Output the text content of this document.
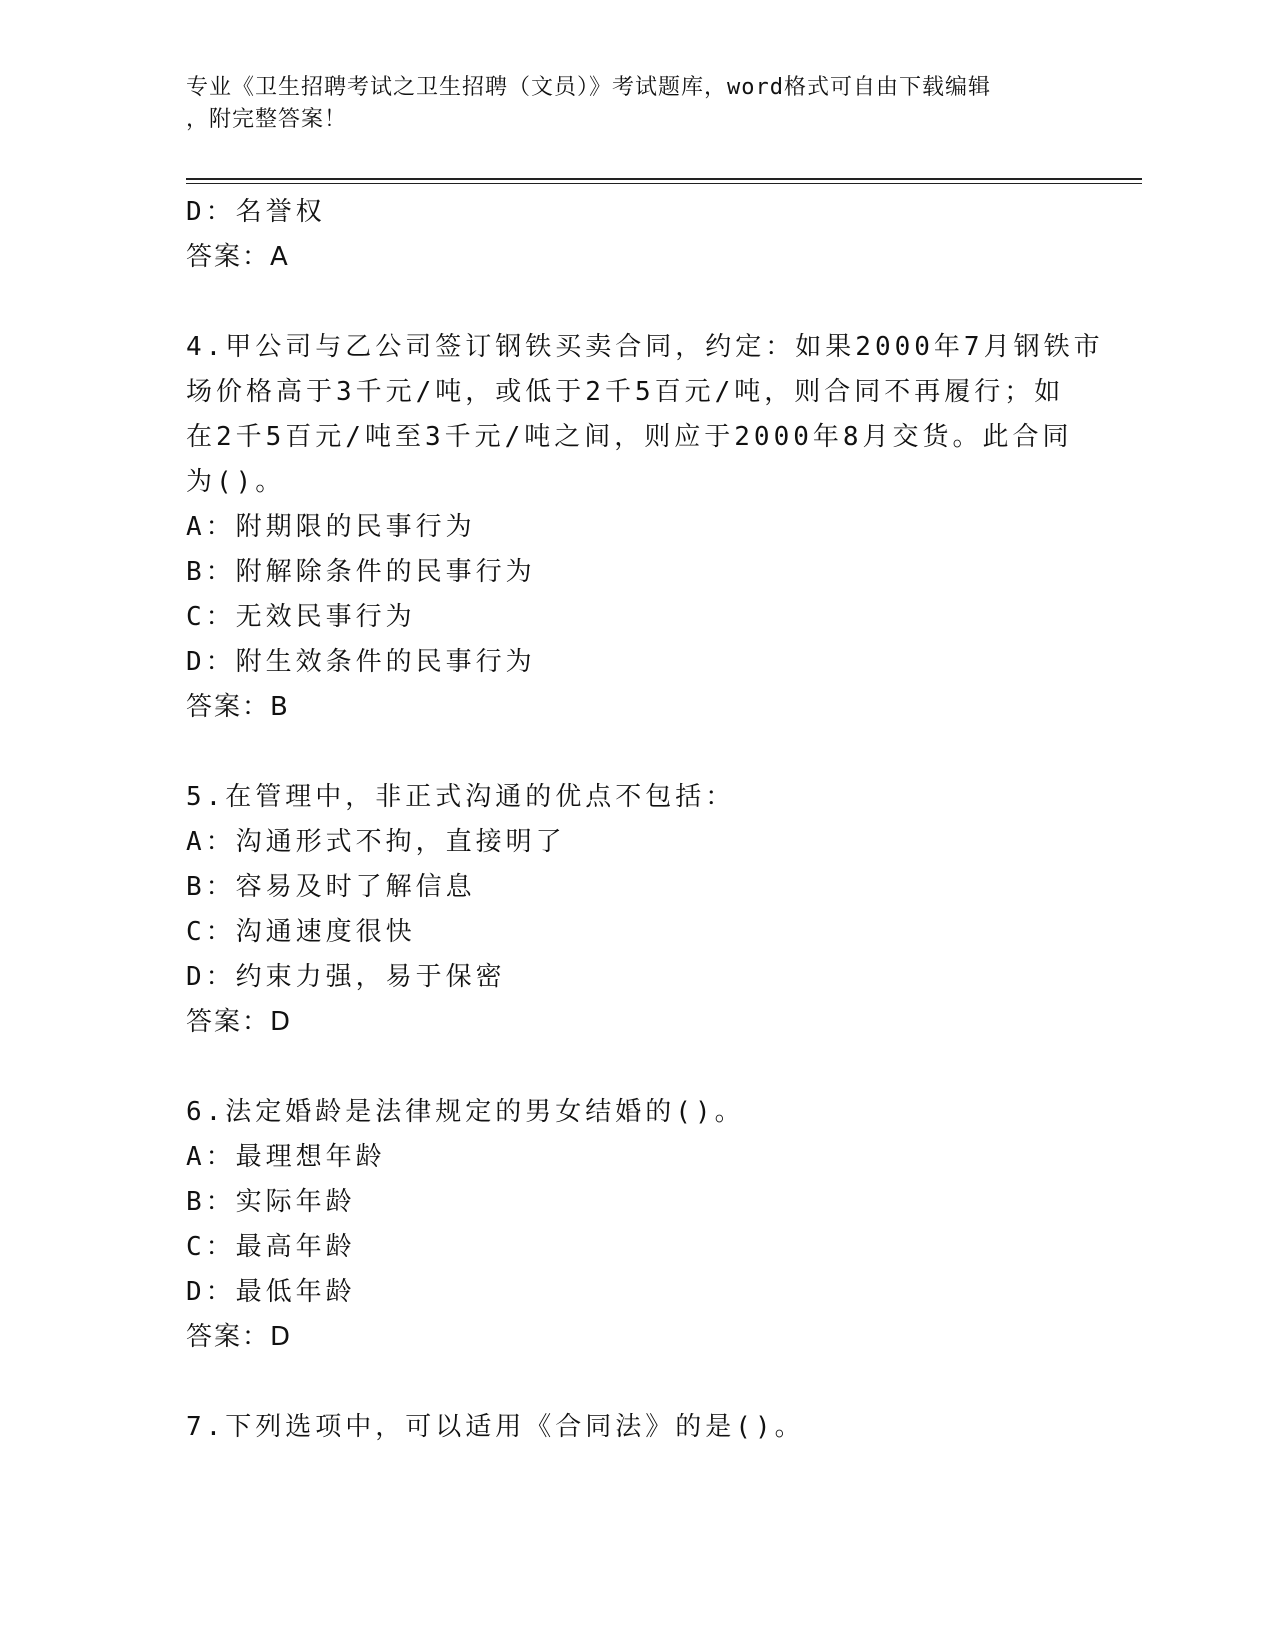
专业《卫生招聘考试之卫生招聘（文员）》考试题库，word格式可自由下载编辑
，附完整答案！
D：名誉权
答案：A
4.甲公司与乙公司签订钢铁买卖合同，约定：如果2000年7月钢铁市
场价格高于3千元/吨，或低于2千5百元/吨，则合同不再履行；如
在2千5百元/吨至3千元/吨之间，则应于2000年8月交货。此合同
为()。
A：附期限的民事行为
B：附解除条件的民事行为
C：无效民事行为
D：附生效条件的民事行为
答案：B
5.在管理中，非正式沟通的优点不包括：
A：沟通形式不拘，直接明了
B：容易及时了解信息
C：沟通速度很快
D：约束力强，易于保密
答案：D
6.法定婚龄是法律规定的男女结婚的()。
A：最理想年龄
B：实际年龄
C：最高年龄
D：最低年龄
答案：D
7.下列选项中，可以适用《合同法》的是()。
